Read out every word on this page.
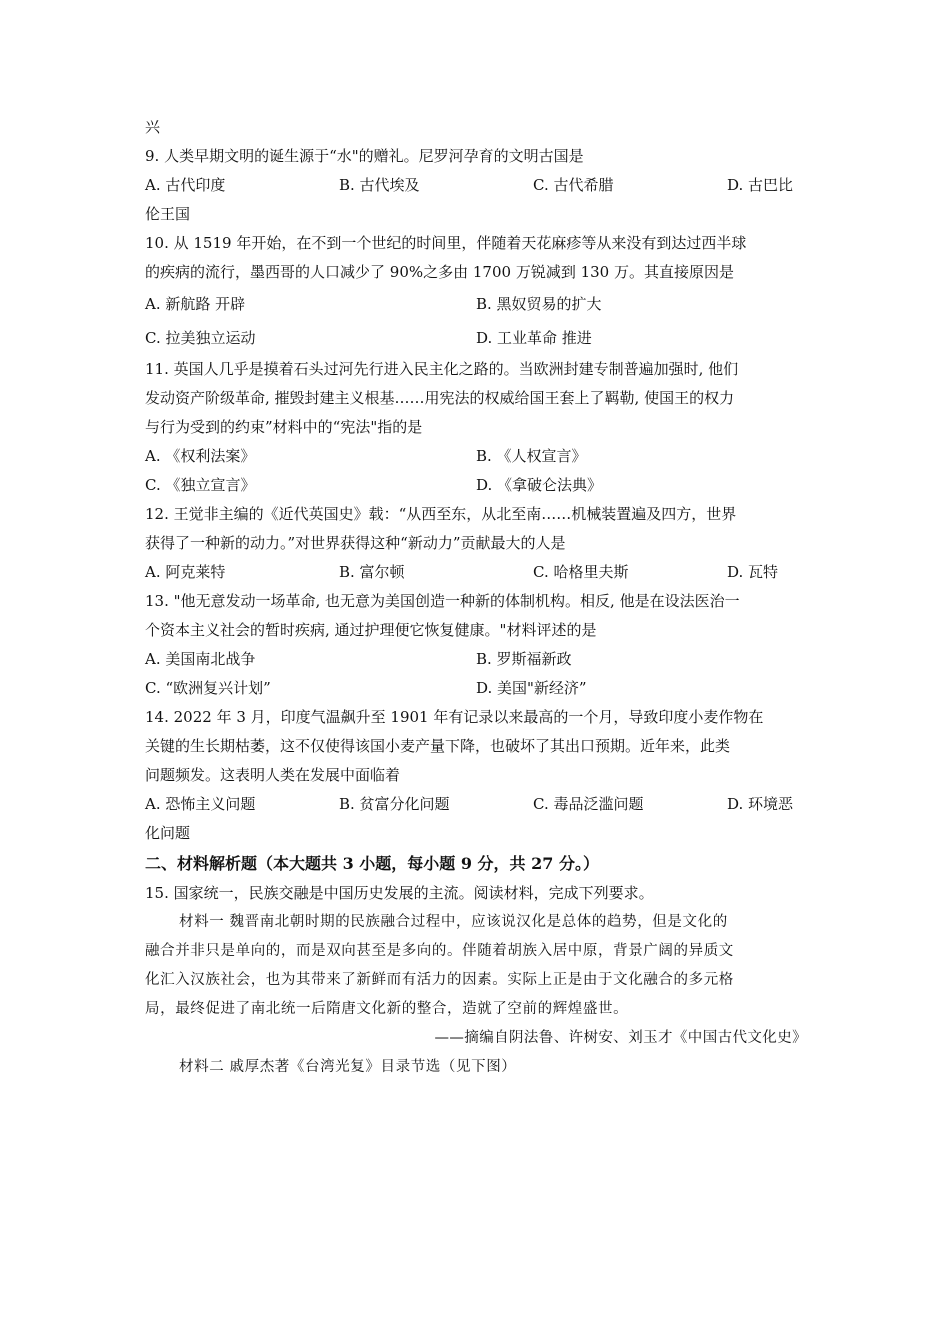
兴
9. 人类早期文明的诞生源于“水"的赠礼。尼罗河孕育的文明古国是
A. 古代印度	B. 古代埃及	C. 古代希腊	D. 古巴比
伦王国
10. 从 1519 年开始，在不到一个世纪的时间里，伴随着天花麻疹等从来没有到达过西半球
的疾病的流行，墨西哥的人口减少了 90%之多由 1700 万锐减到 130 万。其直接原因是
A. 新航路 开辟	B. 黑奴贸易的扩大
C. 拉美独立运动	D. 工业革命 推进
11. 英国人几乎是摸着石头过河先行进入民主化之路的。当欧洲封建专制普遍加强时, 他们
发动资产阶级革命, 摧毁封建主义根基……用宪法的权威给国王套上了羁勒, 使国王的权力
与行为受到的约束”材料中的“宪法"指的是
A. 《权利法案》	B. 《人权宣言》
C. 《独立宣言》	D. 《拿破仑法典》
12. 王觉非主编的《近代英国史》载：“从西至东，从北至南……机械装置遍及四方，世界
获得了一种新的动力。”对世界获得这种“新动力”贡献最大的人是
A. 阿克莱特	B. 富尔顿	C. 哈格里夫斯	D. 瓦特
13. "他无意发动一场革命, 也无意为美国创造一种新的体制机构。相反, 他是在设法医治一
个资本主义社会的暂时疾病, 通过护理便它恢复健康。"材料评述的是
A. 美国南北战争	B. 罗斯福新政
C. “欧洲复兴计划”	D. 美国"新经济”
14. 2022 年 3 月，印度气温飙升至 1901 年有记录以来最高的一个月，导致印度小麦作物在
关键的生长期枯萎，这不仅使得该国小麦产量下降，也破坏了其出口预期。近年来，此类
问题频发。这表明人类在发展中面临着
A. 恐怖主义问题	B. 贫富分化问题	C. 毒品泛滥问题	D. 环境恶
化问题
二、材料解析题（本大题共 3 小题，每小题 9 分，共 27 分。）
15. 国家统一，民族交融是中国历史发展的主流。阅读材料，完成下列要求。
材料一 魏晋南北朝时期的民族融合过程中，应该说汉化是总体的趋势，但是文化的
融合并非只是单向的，而是双向甚至是多向的。伴随着胡族入居中原，背景广阔的异质文
化汇入汉族社会，也为其带来了新鲜而有活力的因素。实际上正是由于文化融合的多元格
局，最终促进了南北统一后隋唐文化新的整合，造就了空前的辉煌盛世。
——摘编自阴法鲁、许树安、刘玉才《中国古代文化史》
材料二 戚厚杰著《台湾光复》目录节选（见下图）
